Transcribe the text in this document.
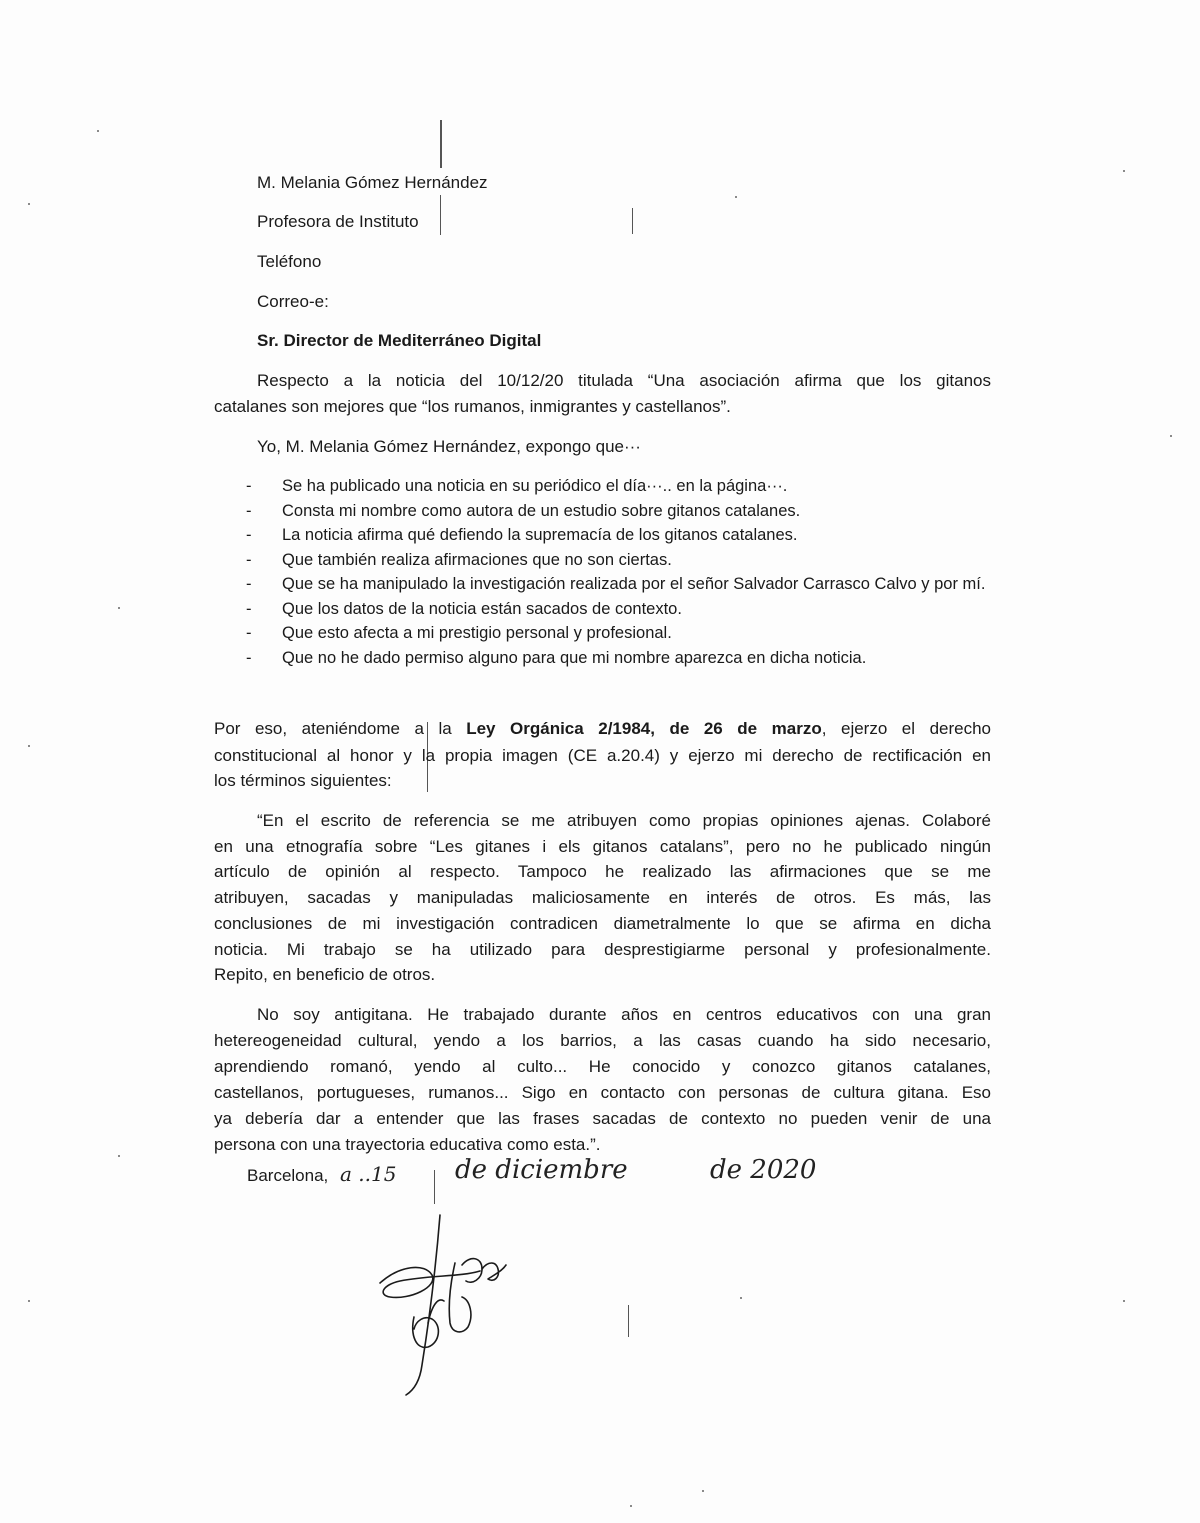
M. Melania Gómez Hernández
Profesora de Instituto
Teléfono
Correo-e:
Sr. Director de Mediterráneo Digital
Respecto a la noticia del 10/12/20 titulada “Una asociación afirma que los gitanos
catalanes son mejores que “los rumanos, inmigrantes y castellanos”.
Yo, M. Melania Gómez Hernández, expongo que···
- Se ha publicado una noticia en su periódico el día···.. en la página···.
- Consta mi nombre como autora de un estudio sobre gitanos catalanes.
- La noticia afirma qué defiendo la supremacía de los gitanos catalanes.
- Que también realiza afirmaciones que no son ciertas.
- Que se ha manipulado la investigación realizada por el señor Salvador Carrasco Calvo y por mí.
- Que los datos de la noticia están sacados de contexto.
- Que esto afecta a mi prestigio personal y profesional.
- Que no he dado permiso alguno para que mi nombre aparezca en dicha noticia.
Por eso, ateniéndome a la Ley Orgánica 2/1984, de 26 de marzo, ejerzo el derecho
constitucional al honor y la propia imagen (CE a.20.4) y ejerzo mi derecho de rectificación en
los términos siguientes:
“En el escrito de referencia se me atribuyen como propias opiniones ajenas. Colaboré
en una etnografía sobre “Les gitanes i els gitanos catalans”, pero no he publicado ningún
artículo de opinión al respecto. Tampoco he realizado las afirmaciones que se me
atribuyen, sacadas y manipuladas maliciosamente en interés de otros. Es más, las
conclusiones de mi investigación contradicen diametralmente lo que se afirma en dicha
noticia. Mi trabajo se ha utilizado para desprestigiarme personal y profesionalmente.
Repito, en beneficio de otros.
No soy antigitana. He trabajado durante años en centros educativos con una gran
hetereogeneidad cultural, yendo a los barrios, a las casas cuando ha sido necesario,
aprendiendo romanó, yendo al culto... He conocido y conozco gitanos catalanes,
castellanos, portugueses, rumanos... Sigo en contacto con personas de cultura gitana. Eso
ya debería dar a entender que las frases sacadas de contexto no pueden venir de una
persona con una trayectoria educativa como esta.”.
Barcelona, a ..15 de diciembre	de 2020
